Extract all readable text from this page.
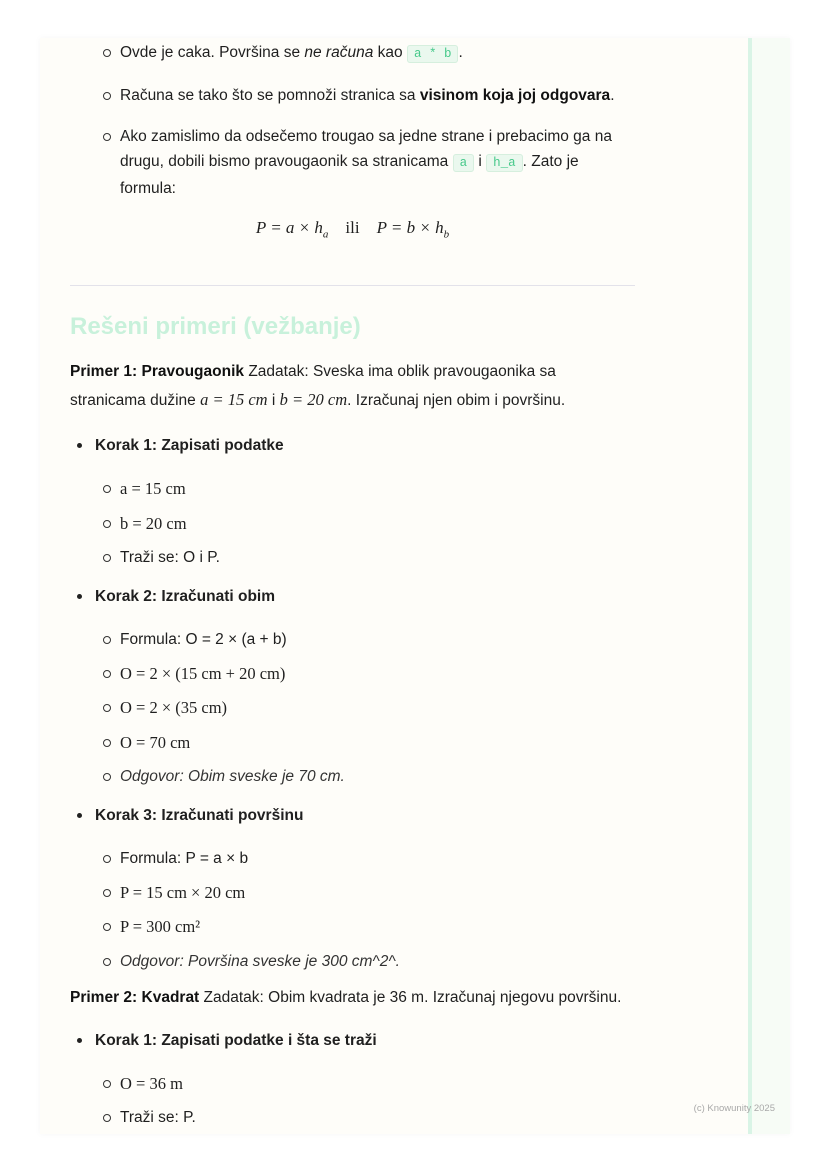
Ovde je caka. Površina se ne računa kao a * b .
Računa se tako što se pomnoži stranica sa visinom koja joj odgovara.
Ako zamislimo da odsečemo trougao sa jedne strane i prebacimo ga na drugu, dobili bismo pravougaonik sa stranicama a i h_a . Zato je formula:
$P = a \times h_a$ ili $P = b \times h_b$
Rešeni primeri (vežbanje)

Primer 1: Pravougaonik Zadatak: Sveska ima oblik pravougaonika sa stranicama dužine a = 15 cm i b = 20 cm. Izračunaj njen obim i površinu.

Korak 1: Zapisati podatke
a = 15 cm
b = 20 cm
Traži se: O i P.
Korak 2: Izračunati obim
Formula: O = 2 × (a + b)
O = 2 × (15 cm + 20 cm)
O = 2 × (35 cm)
O = 70 cm
Odgovor: Obim sveske je 70 cm.
Korak 3: Izračunati površinu
Formula: P = a × b
P = 15 cm × 20 cm
P = 300 cm²
Odgovor: Površina sveske je 300 cm^2^.

Primer 2: Kvadrat Zadatak: Obim kvadrata je 36 m. Izračunaj njegovu površinu.

Korak 1: Zapisati podatke i šta se traži
O = 36 m
Traži se: P.
(c) Knowunity 2025
